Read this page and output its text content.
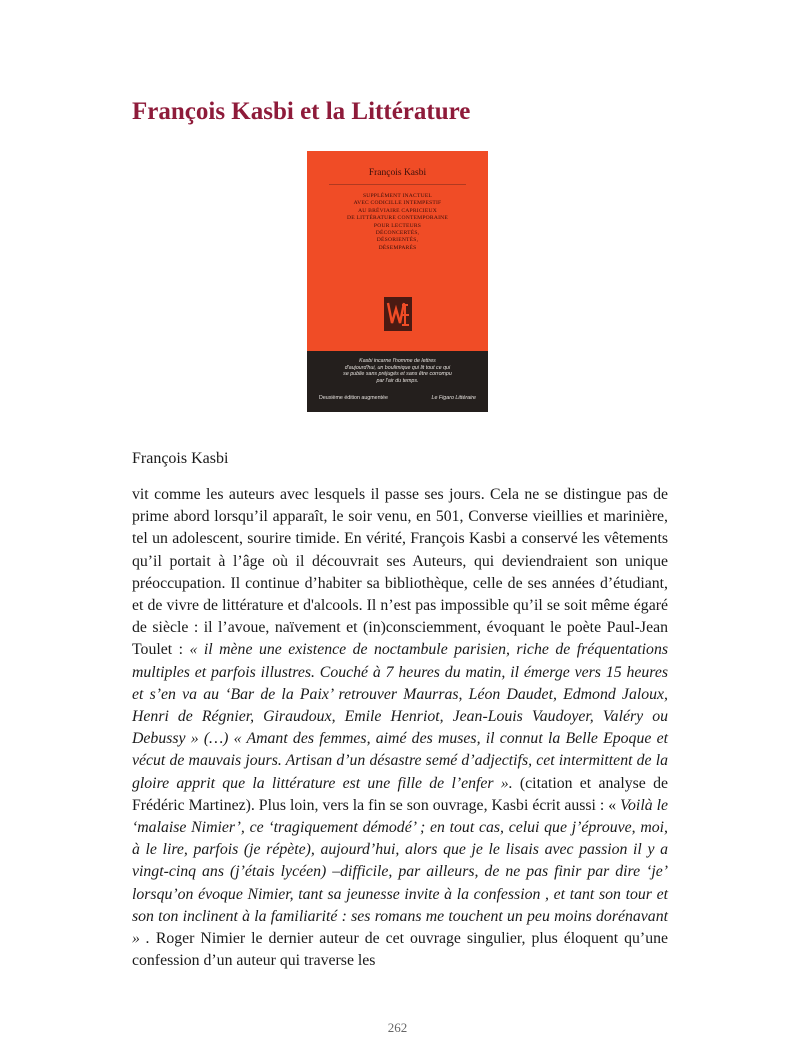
François Kasbi et la Littérature
François Kasbi
SUPPLÉMENT INACTUEL
AVEC CODICILLE INTEMPESTIF
AU BRÉVIAIRE CAPRICIEUX
DE LITTÉRATURE CONTEMPORAINE
POUR LECTEURS
DÉCONCERTÉS,
DÉSORIENTÉS,
DÉSEMPARÉS
Kasbi incarne l'homme de lettres
d'aujourd'hui, un boulimique qui lit tout ce qui
se publie sans préjugés et sans être corrompu
par l'air du temps.
Deuxième édition augmentée	Le Figaro Littéraire

François Kasbi

vit comme les auteurs avec lesquels il passe ses jours. Cela ne se distingue pas de prime abord lorsqu’il apparaît, le soir venu, en 501, Converse vieillies et marinière, tel un adolescent, sourire timide. En vérité, François Kasbi a conservé les vêtements qu’il portait à l’âge où il découvrait ses Auteurs, qui deviendraient son unique préoccupation. Il continue d’habiter sa bibliothèque, celle de ses années d’étudiant, et de vivre de littérature et d'alcools. Il n’est pas impossible qu’il se soit même égaré de siècle : il l’avoue, naïvement et (in)consciemment, évoquant le poète Paul-Jean Toulet : « il mène une existence de noctambule parisien, riche de fréquentations multiples et parfois illustres. Couché à 7 heures du matin, il émerge vers 15 heures et s’en va au ‘Bar de la Paix’ retrouver Maurras, Léon Daudet, Edmond Jaloux, Henri de Régnier, Giraudoux, Emile Henriot, Jean-Louis Vaudoyer, Valéry ou Debussy » (…) « Amant des femmes, aimé des muses, il connut la Belle Epoque et vécut de mauvais jours. Artisan d’un désastre semé d’adjectifs, cet intermittent de la gloire apprit que la littérature est une fille de l’enfer ». (citation et analyse de Frédéric Martinez). Plus loin, vers la fin se son ouvrage, Kasbi écrit aussi : « Voilà le ‘malaise Nimier’, ce ‘tragiquement démodé’ ; en tout cas, celui que j’éprouve, moi, à le lire, parfois (je répète), aujourd’hui, alors que je le lisais avec passion il y a vingt-cinq ans (j’étais lycéen) –difficile, par ailleurs, de ne pas finir par dire ‘je’ lorsqu’on évoque Nimier, tant sa jeunesse invite à la confession , et tant son tour et son ton inclinent à la familiarité : ses romans me touchent un peu moins dorénavant » . Roger Nimier le dernier auteur de cet ouvrage singulier, plus éloquent qu’une confession d’un auteur qui traverse les

262
